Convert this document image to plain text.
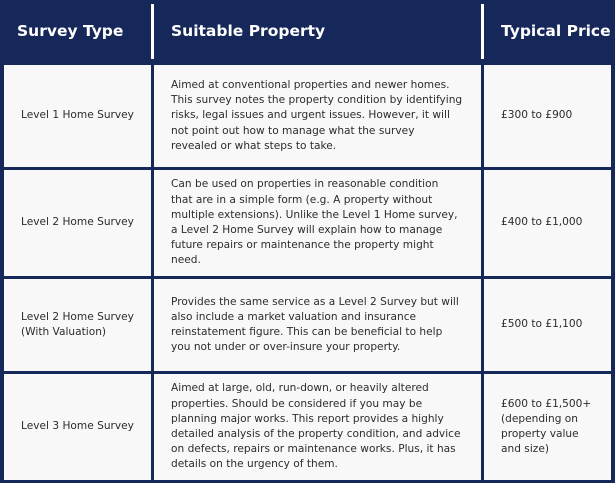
Survey Type	Suitable Property	Typical Price
Level 1 Home Survey
Aimed at conventional properties and newer homes. This survey notes the property condition by identifying risks, legal issues and urgent issues. However, it will not point out how to manage what the survey revealed or what steps to take.
£300 to £900
Level 2 Home Survey
Can be used on properties in reasonable condition that are in a simple form (e.g. A property without multiple extensions). Unlike the Level 1 Home survey, a Level 2 Home Survey will explain how to manage future repairs or maintenance the property might need.
£400 to £1,000
Level 2 Home Survey (With Valuation)
Provides the same service as a Level 2 Survey but will also include a market valuation and insurance reinstatement figure. This can be beneficial to help you not under or over-insure your property.
£500 to £1,100
Level 3 Home Survey
Aimed at large, old, run-down, or heavily altered properties. Should be considered if you may be planning major works. This report provides a highly detailed analysis of the property condition, and advice on defects, repairs or maintenance works. Plus, it has details on the urgency of them.
£600 to £1,500+ (depending on property value and size)
